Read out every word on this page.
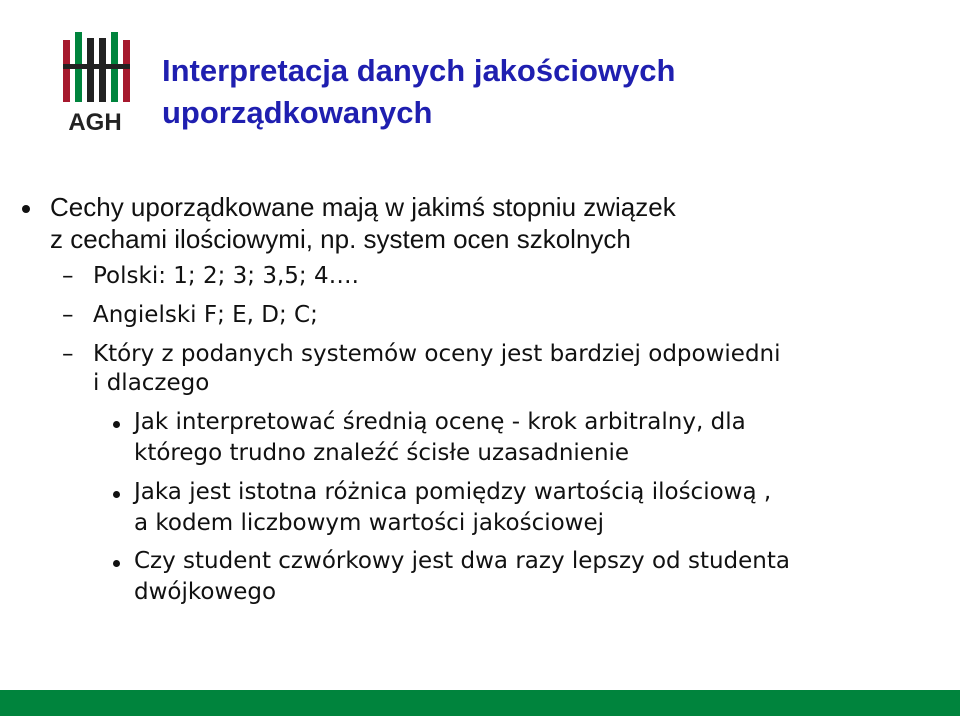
AGH
Interpretacja danych jakościowych
uporządkowanych
Cechy uporządkowane mają w jakimś stopniu związek
z cechami ilościowymi, np. system ocen szkolnych
– Polski: 1; 2; 3; 3,5; 4….
– Angielski F; E, D; C;
– Który z podanych systemów oceny jest bardziej odpowiedni
i dlaczego
Jak interpretować średnią ocenę - krok arbitralny, dla
którego trudno znaleźć ścisłe uzasadnienie
Jaka jest istotna różnica pomiędzy wartością ilościową ,
a kodem liczbowym wartości jakościowej
Czy student czwórkowy jest dwa razy lepszy od studenta
dwójkowego
